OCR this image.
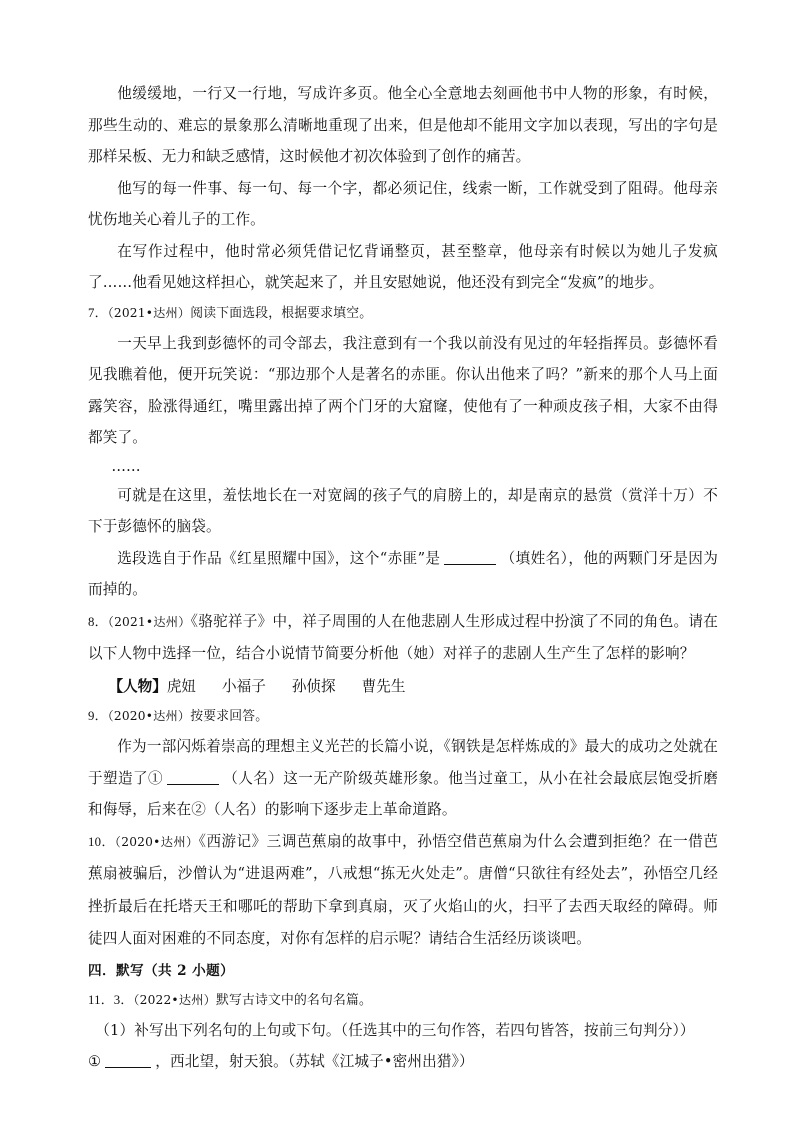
他缓缓地，一行又一行地，写成许多页。他全心全意地去刻画他书中人物的形象，有时候，那些生动的、难忘的景象那么清晰地重现了出来，但是他却不能用文字加以表现，写出的字句是那样呆板、无力和缺乏感情，这时候他才初次体验到了创作的痛苦。

他写的每一件事、每一句、每一个字，都必须记住，线索一断，工作就受到了阻碍。他母亲忧伤地关心着儿子的工作。

在写作过程中，他时常必须凭借记忆背诵整页，甚至整章，他母亲有时候以为她儿子发疯了……他看见她这样担心，就笑起来了，并且安慰她说，他还没有到完全“发疯”的地步。

7．（2021•达州）阅读下面选段，根据要求填空。

一天早上我到彭德怀的司令部去，我注意到有一个我以前没有见过的年轻指挥员。彭德怀看见我瞧着他，便开玩笑说：“那边那个人是著名的赤匪。你认出他来了吗？”新来的那个人马上面露笑容，脸涨得通红，嘴里露出掉了两个门牙的大窟窿，使他有了一种顽皮孩子相，大家不由得都笑了。

……

可就是在这里，羞怯地长在一对宽阔的孩子气的肩膀上的，却是南京的悬赏（赏洋十万）不下于彭德怀的脑袋。

选段选自于作品《红星照耀中国》，这个“赤匪”是	（填姓名），他的两颗门牙是因为而掉的。

8．（2021•达州）《骆驼祥子》中，祥子周围的人在他悲剧人生形成过程中扮演了不同的角色。请在以下人物中选择一位，结合小说情节简要分析他（她）对祥子的悲剧人生产生了怎样的影响？

【人物】虎妞 小福子 孙侦探 曹先生

9．（2020•达州）按要求回答。

作为一部闪烁着崇高的理想主义光芒的长篇小说，《钢铁是怎样炼成的》最大的成功之处就在于塑造了①	（人名）这一无产阶级英雄形象。他当过童工，从小在社会最底层饱受折磨和侮辱，后来在②（人名）的影响下逐步走上革命道路。

10．（2020•达州）《西游记》三调芭蕉扇的故事中，孙悟空借芭蕉扇为什么会遭到拒绝？在一借芭蕉扇被骗后，沙僧认为“进退两难”，八戒想“拣无火处走”。唐僧“只欲往有经处去”，孙悟空几经挫折最后在托塔天王和哪吒的帮助下拿到真扇，灭了火焰山的火，扫平了去西天取经的障碍。师徒四人面对困难的不同态度，对你有怎样的启示呢？请结合生活经历谈谈吧。

四．默写（共 2 小题）

11．3．（2022•达州）默写古诗文中的名句名篇。

（1）补写出下列名句的上句或下句。（任选其中的三句作答，若四句皆答，按前三句判分））

①	，西北望，射天狼。（苏轼《江城子•密州出猎》）
